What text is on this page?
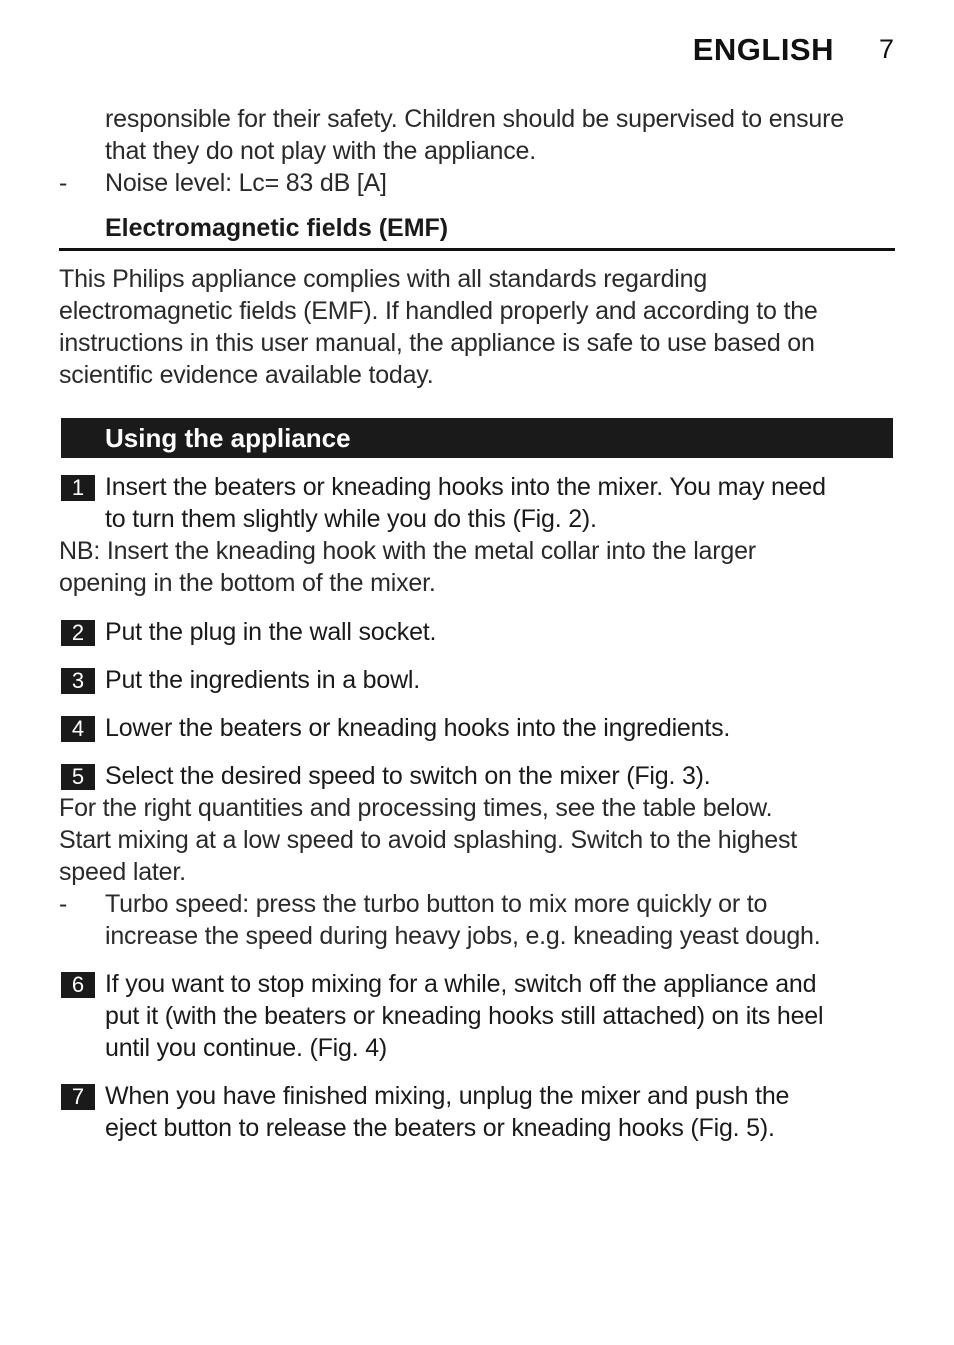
ENGLISH 7
responsible for their safety. Children should be supervised to ensure
that they do not play with the appliance.
- Noise level: Lc= 83 dB [A]
Electromagnetic fields (EMF)
This Philips appliance complies with all standards regarding
electromagnetic fields (EMF). If handled properly and according to the
instructions in this user manual, the appliance is safe to use based on
scientific evidence available today.
Using the appliance
1 Insert the beaters or kneading hooks into the mixer. You may need
to turn them slightly while you do this (Fig. 2).
NB: Insert the kneading hook with the metal collar into the larger
opening in the bottom of the mixer.
2 Put the plug in the wall socket.
3 Put the ingredients in a bowl.
4 Lower the beaters or kneading hooks into the ingredients.
5 Select the desired speed to switch on the mixer (Fig. 3).
For the right quantities and processing times, see the table below.
Start mixing at a low speed to avoid splashing. Switch to the highest
speed later.
- Turbo speed: press the turbo button to mix more quickly or to
increase the speed during heavy jobs, e.g. kneading yeast dough.
6 If you want to stop mixing for a while, switch off the appliance and
put it (with the beaters or kneading hooks still attached) on its heel
until you continue. (Fig. 4)
7 When you have finished mixing, unplug the mixer and push the
eject button to release the beaters or kneading hooks (Fig. 5).
